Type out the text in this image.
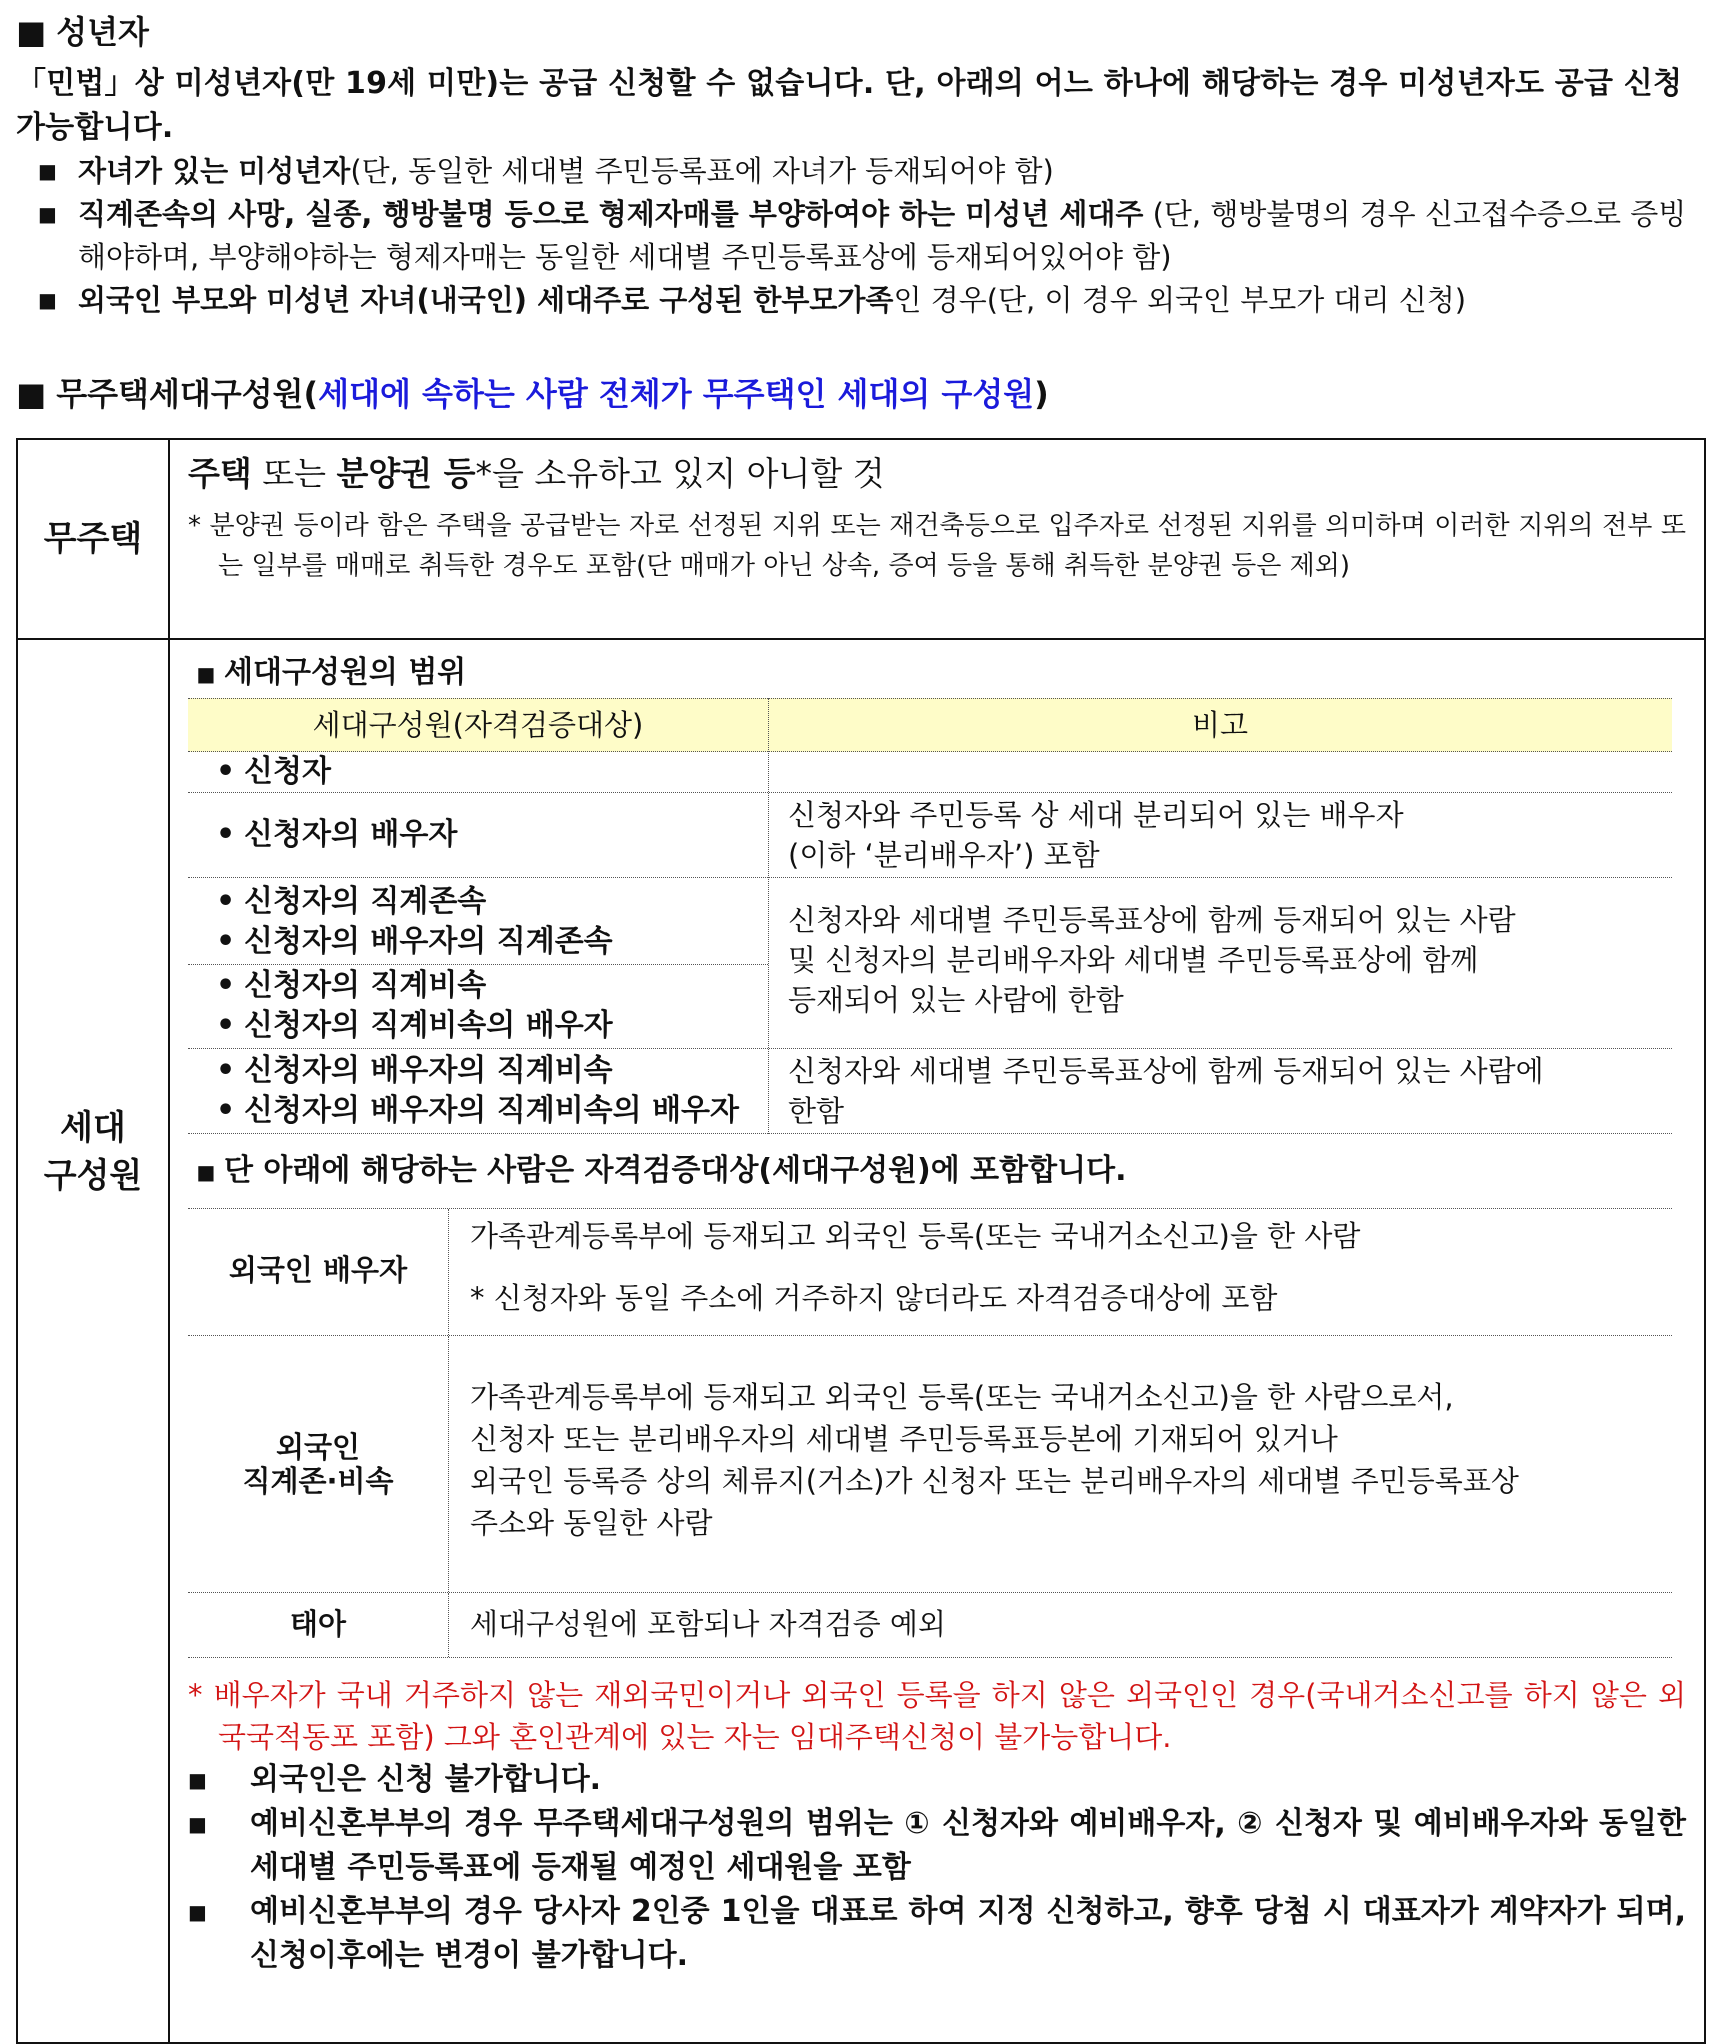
■ 성년자
「민법」상 미성년자(만 19세 미만)는 공급 신청할 수 없습니다. 단, 아래의 어느 하나에 해당하는 경우 미성년자도 공급 신청 가능합니다.
■ 자녀가 있는 미성년자(단, 동일한 세대별 주민등록표에 자녀가 등재되어야 함)
■ 직계존속의 사망, 실종, 행방불명 등으로 형제자매를 부양하여야 하는 미성년 세대주 (단, 행방불명의 경우 신고접수증으로 증빙해야하며, 부양해야하는 형제자매는 동일한 세대별 주민등록표상에 등재되어있어야 함)
■ 외국인 부모와 미성년 자녀(내국인) 세대주로 구성된 한부모가족인 경우(단, 이 경우 외국인 부모가 대리 신청)
■ 무주택세대구성원(세대에 속하는 사람 전체가 무주택인 세대의 구성원)
무주택
주택 또는 분양권 등*을 소유하고 있지 아니할 것
* 분양권 등이라 함은 주택을 공급받는 자로 선정된 지위 또는 재건축등으로 입주자로 선정된 지위를 의미하며 이러한 지위의 전부 또는 일부를 매매로 취득한 경우도 포함(단 매매가 아닌 상속, 증여 등을 통해 취득한 분양권 등은 제외)
세대
구성원
■ 세대구성원의 범위
세대구성원(자격검증대상)	비고
• 신청자
• 신청자의 배우자
신청자와 주민등록 상 세대 분리되어 있는 배우자
(이하 ‘분리배우자’) 포함
• 신청자의 직계존속
• 신청자의 배우자의 직계존속
• 신청자의 직계비속
• 신청자의 직계비속의 배우자
신청자와 세대별 주민등록표상에 함께 등재되어 있는 사람
및 신청자의 분리배우자와 세대별 주민등록표상에 함께
등재되어 있는 사람에 한함
• 신청자의 배우자의 직계비속
• 신청자의 배우자의 직계비속의 배우자
신청자와 세대별 주민등록표상에 함께 등재되어 있는 사람에
한함
■ 단 아래에 해당하는 사람은 자격검증대상(세대구성원)에 포함합니다.
외국인 배우자
가족관계등록부에 등재되고 외국인 등록(또는 국내거소신고)을 한 사람
* 신청자와 동일 주소에 거주하지 않더라도 자격검증대상에 포함
외국인
직계존·비속
가족관계등록부에 등재되고 외국인 등록(또는 국내거소신고)을 한 사람으로서,
신청자 또는 분리배우자의 세대별 주민등록표등본에 기재되어 있거나
외국인 등록증 상의 체류지(거소)가 신청자 또는 분리배우자의 세대별 주민등록표상
주소와 동일한 사람
태아	세대구성원에 포함되나 자격검증 예외
* 배우자가 국내 거주하지 않는 재외국민이거나 외국인 등록을 하지 않은 외국인인 경우(국내거소신고를 하지 않은 외국국적동포 포함) 그와 혼인관계에 있는 자는 임대주택신청이 불가능합니다.
■ 외국인은 신청 불가합니다.
■ 예비신혼부부의 경우 무주택세대구성원의 범위는 ① 신청자와 예비배우자, ② 신청자 및 예비배우자와 동일한 세대별 주민등록표에 등재될 예정인 세대원을 포함
■ 예비신혼부부의 경우 당사자 2인중 1인을 대표로 하여 지정 신청하고, 향후 당첨 시 대표자가 계약자가 되며, 신청이후에는 변경이 불가합니다.
